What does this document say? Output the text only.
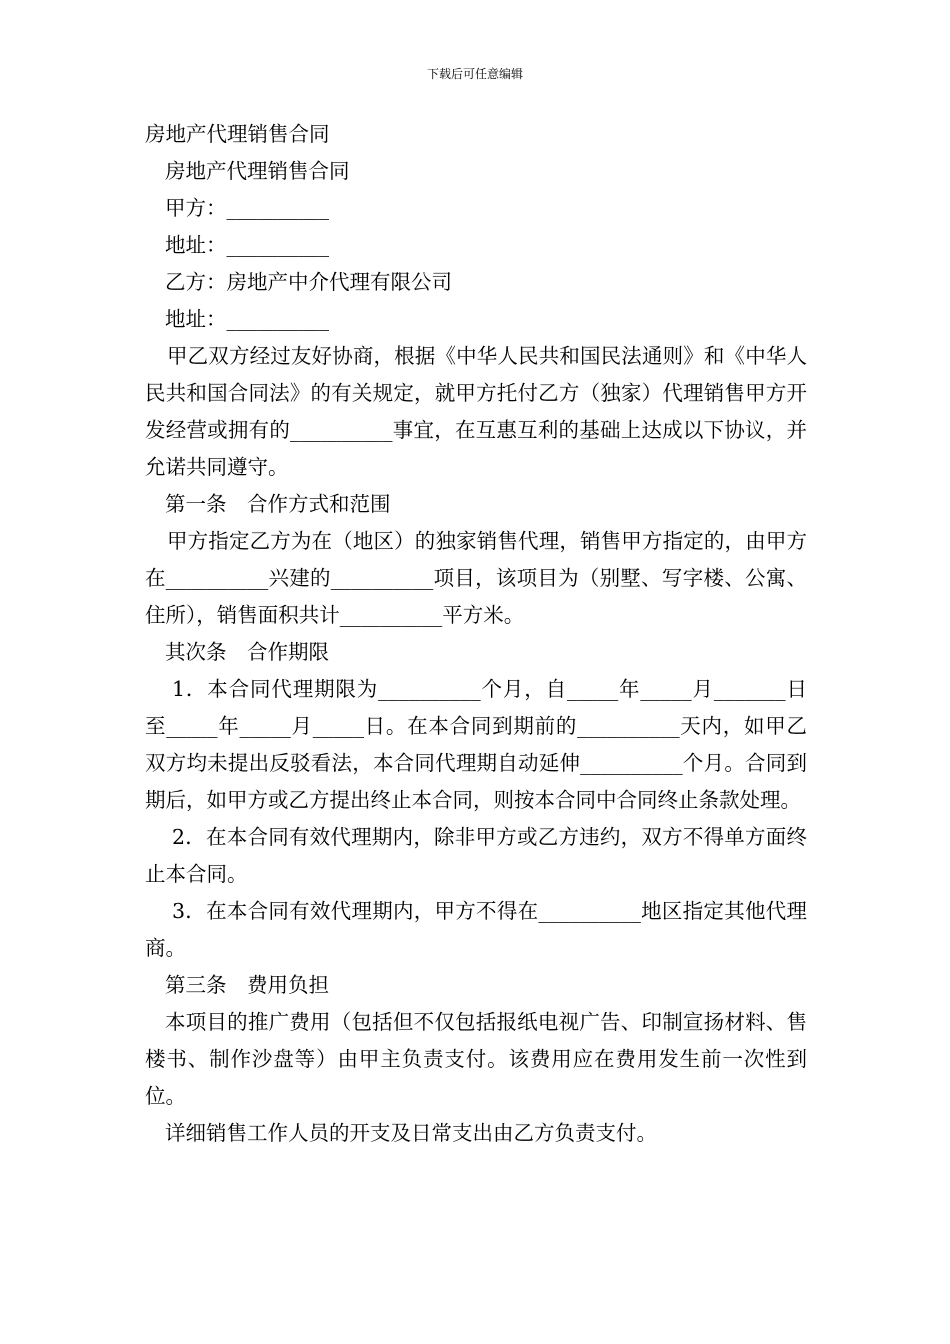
下载后可任意编辑

房地产代理销售合同

房地产代理销售合同

甲方：__________

地址：__________

乙方：房地产中介代理有限公司

地址：__________

甲乙双方经过友好协商，根据《中华人民共和国民法通则》和《中华人民共和国合同法》的有关规定，就甲方托付乙方（独家）代理销售甲方开发经营或拥有的__________事宜，在互惠互利的基础上达成以下协议，并允诺共同遵守。

第一条　合作方式和范围

甲方指定乙方为在（地区）的独家销售代理，销售甲方指定的，由甲方在__________兴建的__________项目，该项目为（别墅、写字楼、公寓、住所），销售面积共计__________平方米。

其次条　合作期限

1．本合同代理期限为__________个月，自_____年_____月_______日至_____年_____月_____日。在本合同到期前的__________天内，如甲乙双方均未提出反驳看法，本合同代理期自动延伸__________个月。合同到期后，如甲方或乙方提出终止本合同，则按本合同中合同终止条款处理。

2．在本合同有效代理期内，除非甲方或乙方违约，双方不得单方面终止本合同。

3．在本合同有效代理期内，甲方不得在__________地区指定其他代理商。

第三条　费用负担

本项目的推广费用（包括但不仅包括报纸电视广告、印制宣扬材料、售楼书、制作沙盘等）由甲主负责支付。该费用应在费用发生前一次性到位。

详细销售工作人员的开支及日常支出由乙方负责支付。
